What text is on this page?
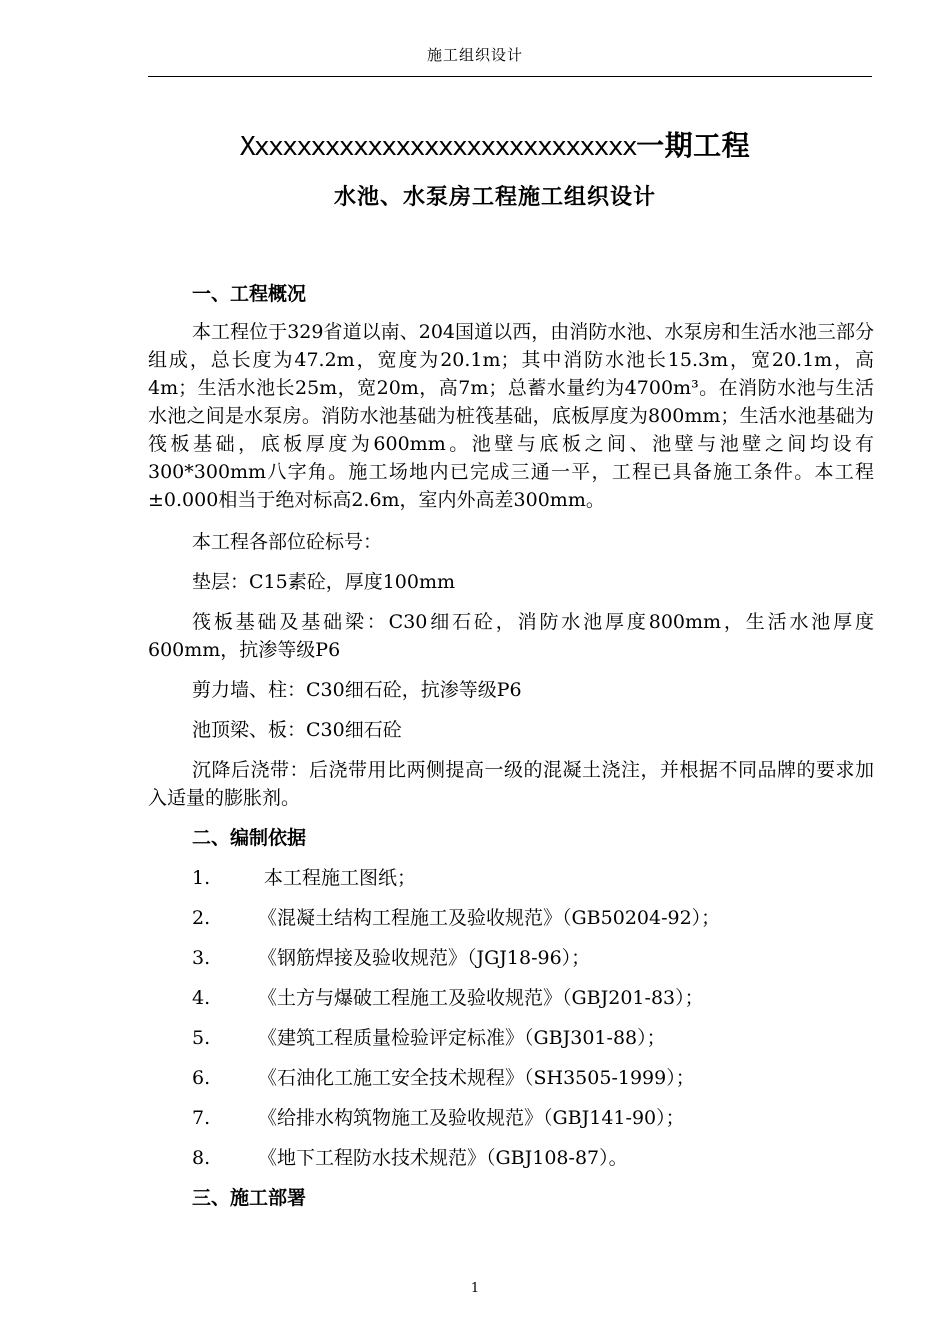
施工组织设计
Xxxxxxxxxxxxxxxxxxxxxxxxxxxx一期工程
水池、水泵房工程施工组织设计

一、工程概况

本工程位于329省道以南、204国道以西，由消防水池、水泵房和生活水池三部分组成，总长度为47.2m，宽度为20.1m；其中消防水池长15.3m，宽20.1m，高4m；生活水池长25m，宽20m，高7m；总蓄水量约为4700m³。在消防水池与生活水池之间是水泵房。消防水池基础为桩筏基础，底板厚度为800mm；生活水池基础为筏板基础，底板厚度为600mm。池壁与底板之间、池壁与池壁之间均设有300*300mm八字角。施工场地内已完成三通一平，工程已具备施工条件。本工程±0.000相当于绝对标高2.6m，室内外高差300mm。

本工程各部位砼标号：

垫层：C15素砼，厚度100mm

筏板基础及基础梁：C30细石砼，消防水池厚度800mm，生活水池厚度600mm，抗渗等级P6

剪力墙、柱：C30细石砼，抗渗等级P6

池顶梁、板：C30细石砼

沉降后浇带：后浇带用比两侧提高一级的混凝土浇注，并根据不同品牌的要求加入适量的膨胀剂。

二、编制依据

1.	本工程施工图纸；

2.	《混凝土结构工程施工及验收规范》（GB50204-92）；

3.	《钢筋焊接及验收规范》（JGJ18-96）；

4.	《土方与爆破工程施工及验收规范》（GBJ201-83）；

5.	《建筑工程质量检验评定标准》（GBJ301-88）；

6.	《石油化工施工安全技术规程》（SH3505-1999）；

7.	《给排水构筑物施工及验收规范》（GBJ141-90）；

8.	《地下工程防水技术规范》（GBJ108-87）。

三、施工部署

1
